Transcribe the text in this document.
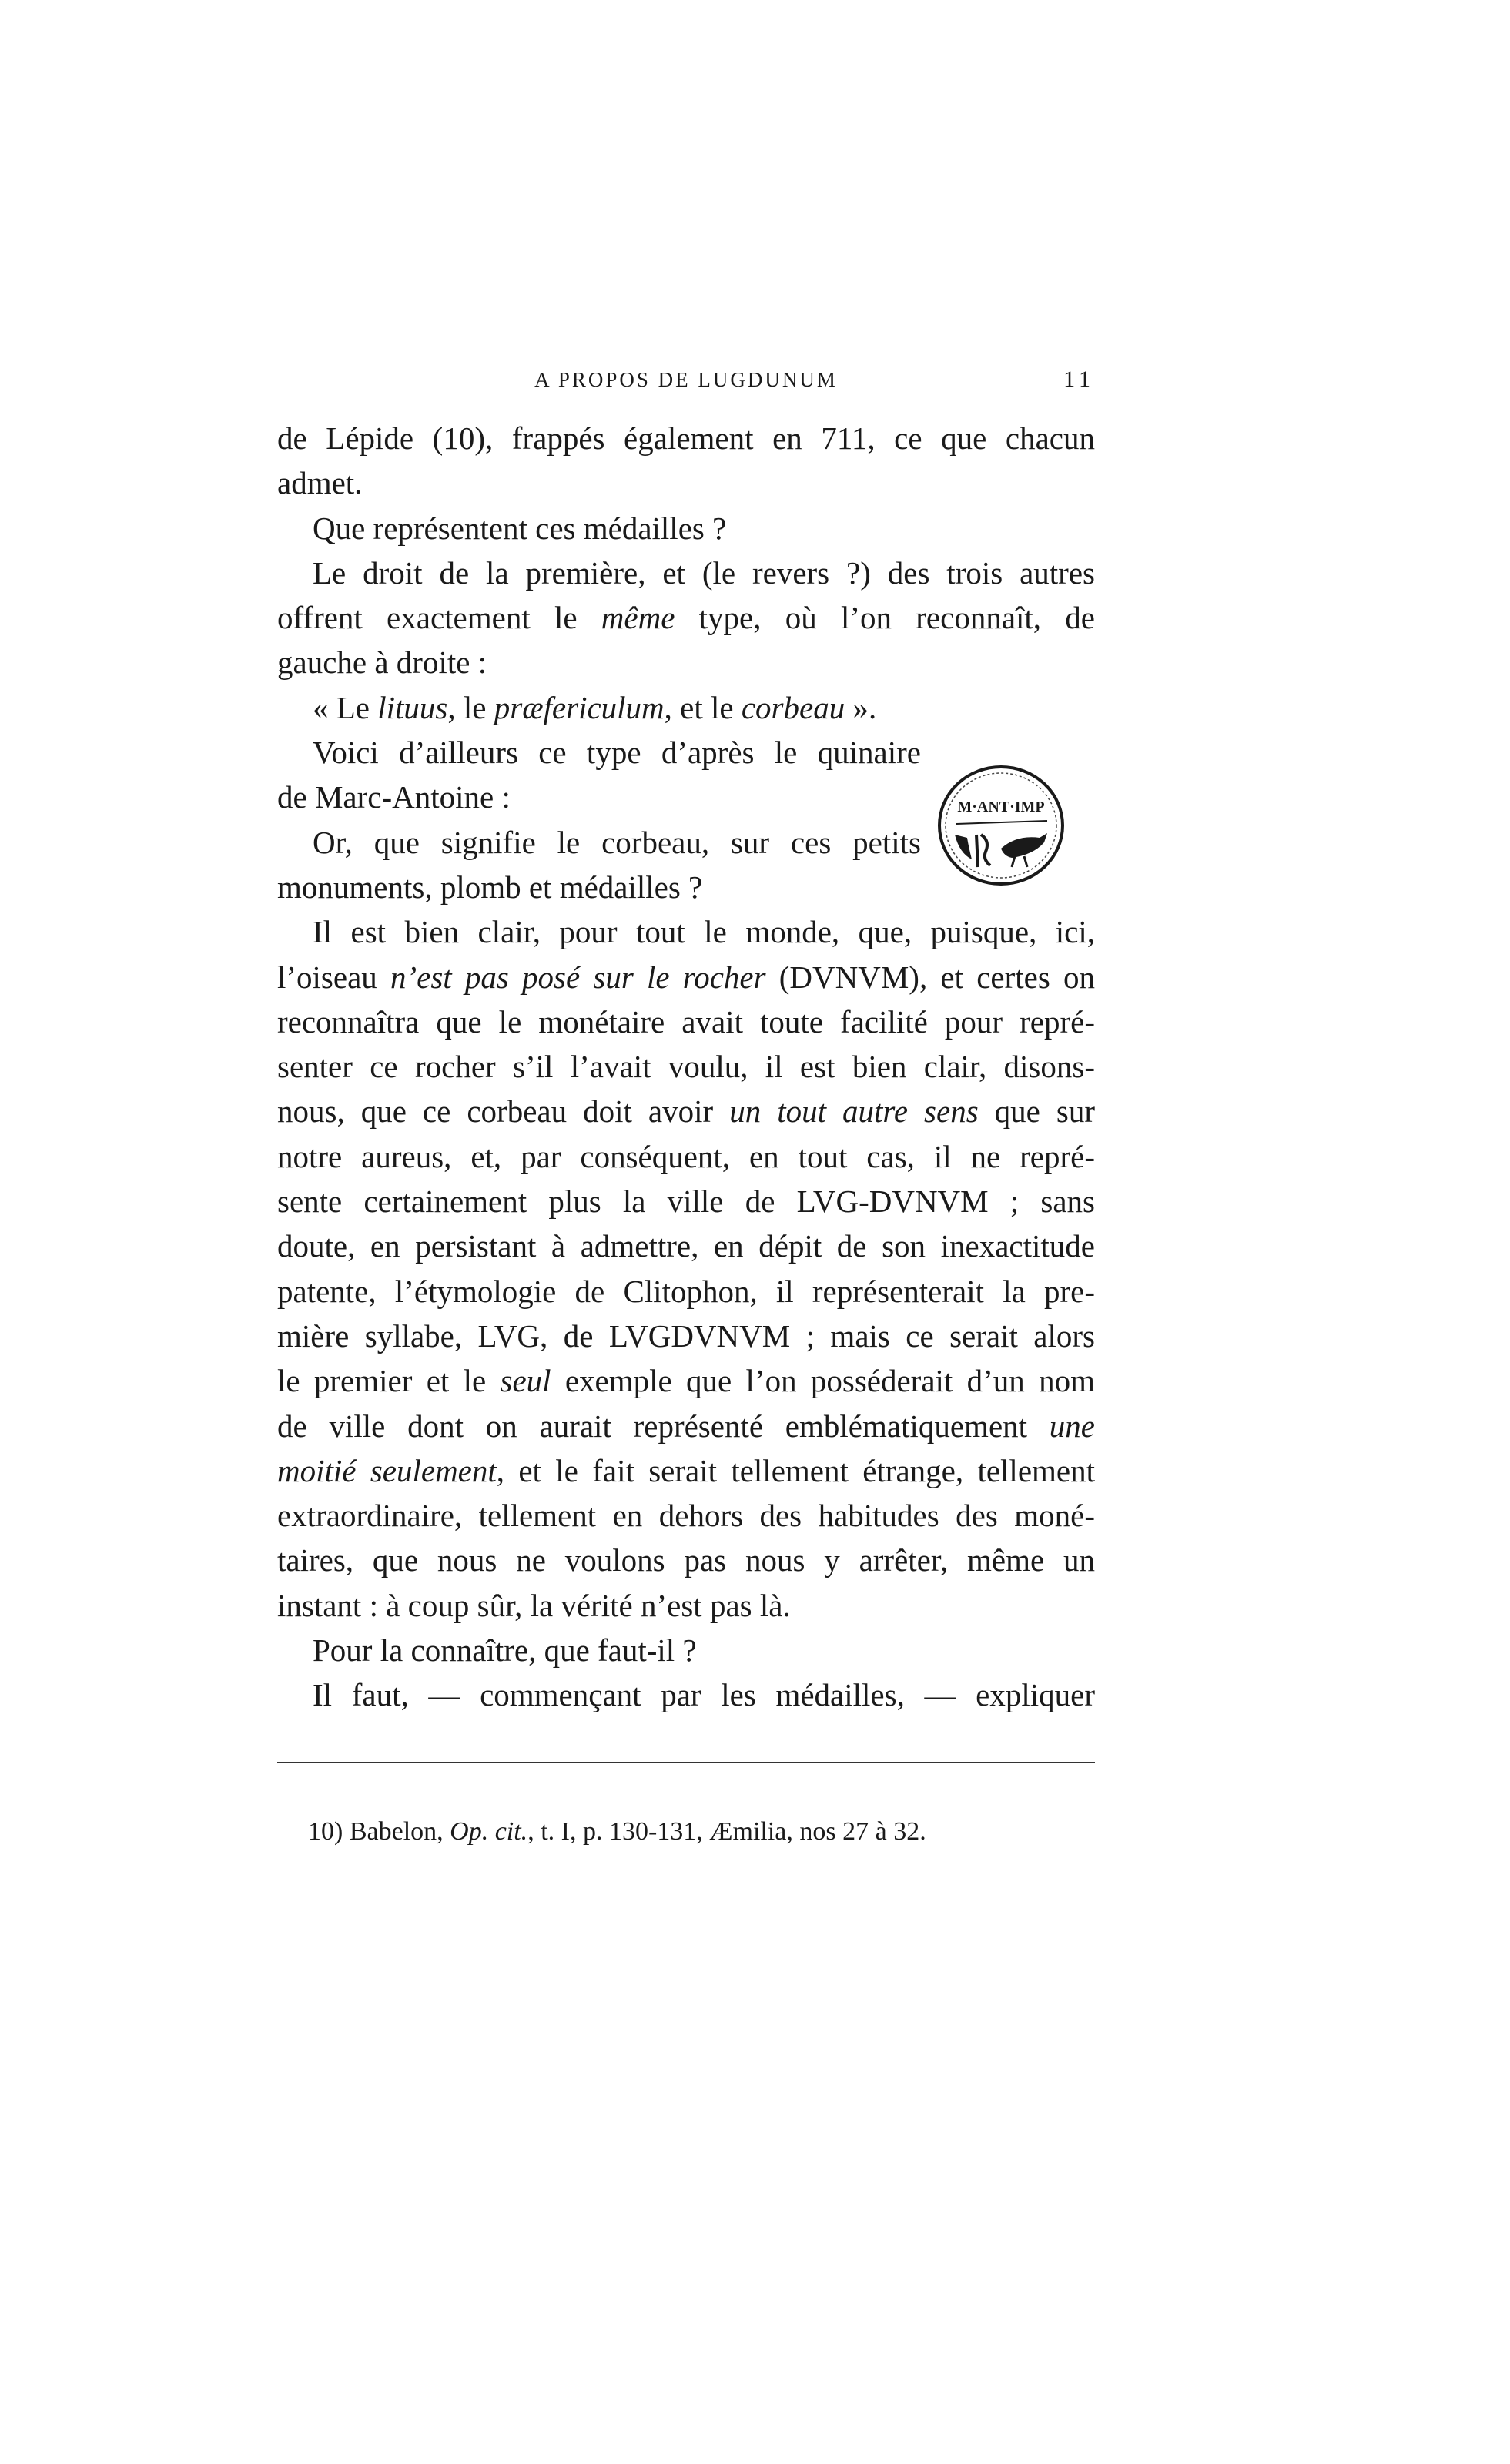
A PROPOS DE LUGDUNUM	11
de Lépide (10), frappés également en 711, ce que chacun
admet.
Que représentent ces médailles ?
Le droit de la première, et (le revers ?) des trois autres
offrent exactement le même type, où l’on reconnaît, de
gauche à droite :
« Le lituus, le præfericulum, et le corbeau ».
Voici d’ailleurs ce type d’après le quinaire
de Marc-Antoine :
Or, que signifie le corbeau, sur ces petits
monuments, plomb et médailles ?
Il est bien clair, pour tout le monde, que, puisque, ici,
l’oiseau n’est pas posé sur le rocher (DVNVM), et certes on
reconnaîtra que le monétaire avait toute facilité pour repré-
senter ce rocher s’il l’avait voulu, il est bien clair, disons-
nous, que ce corbeau doit avoir un tout autre sens que sur
notre aureus, et, par conséquent, en tout cas, il ne repré-
sente certainement plus la ville de LVG-DVNVM ; sans
doute, en persistant à admettre, en dépit de son inexactitude
patente, l’étymologie de Clitophon, il représenterait la pre-
mière syllabe, LVG, de LVGDVNVM ; mais ce serait alors
le premier et le seul exemple que l’on posséderait d’un nom
de ville dont on aurait représenté emblématiquement une
moitié seulement, et le fait serait tellement étrange, tellement
extraordinaire, tellement en dehors des habitudes des moné-
taires, que nous ne voulons pas nous y arrêter, même un
instant : à coup sûr, la vérité n’est pas là.
Pour la connaître, que faut-il ?
Il faut, — commençant par les médailles, — expliquer
M·ANT·IMP
10) Babelon, Op. cit., t. I, p. 130-131, Æmilia, nos 27 à 32.
